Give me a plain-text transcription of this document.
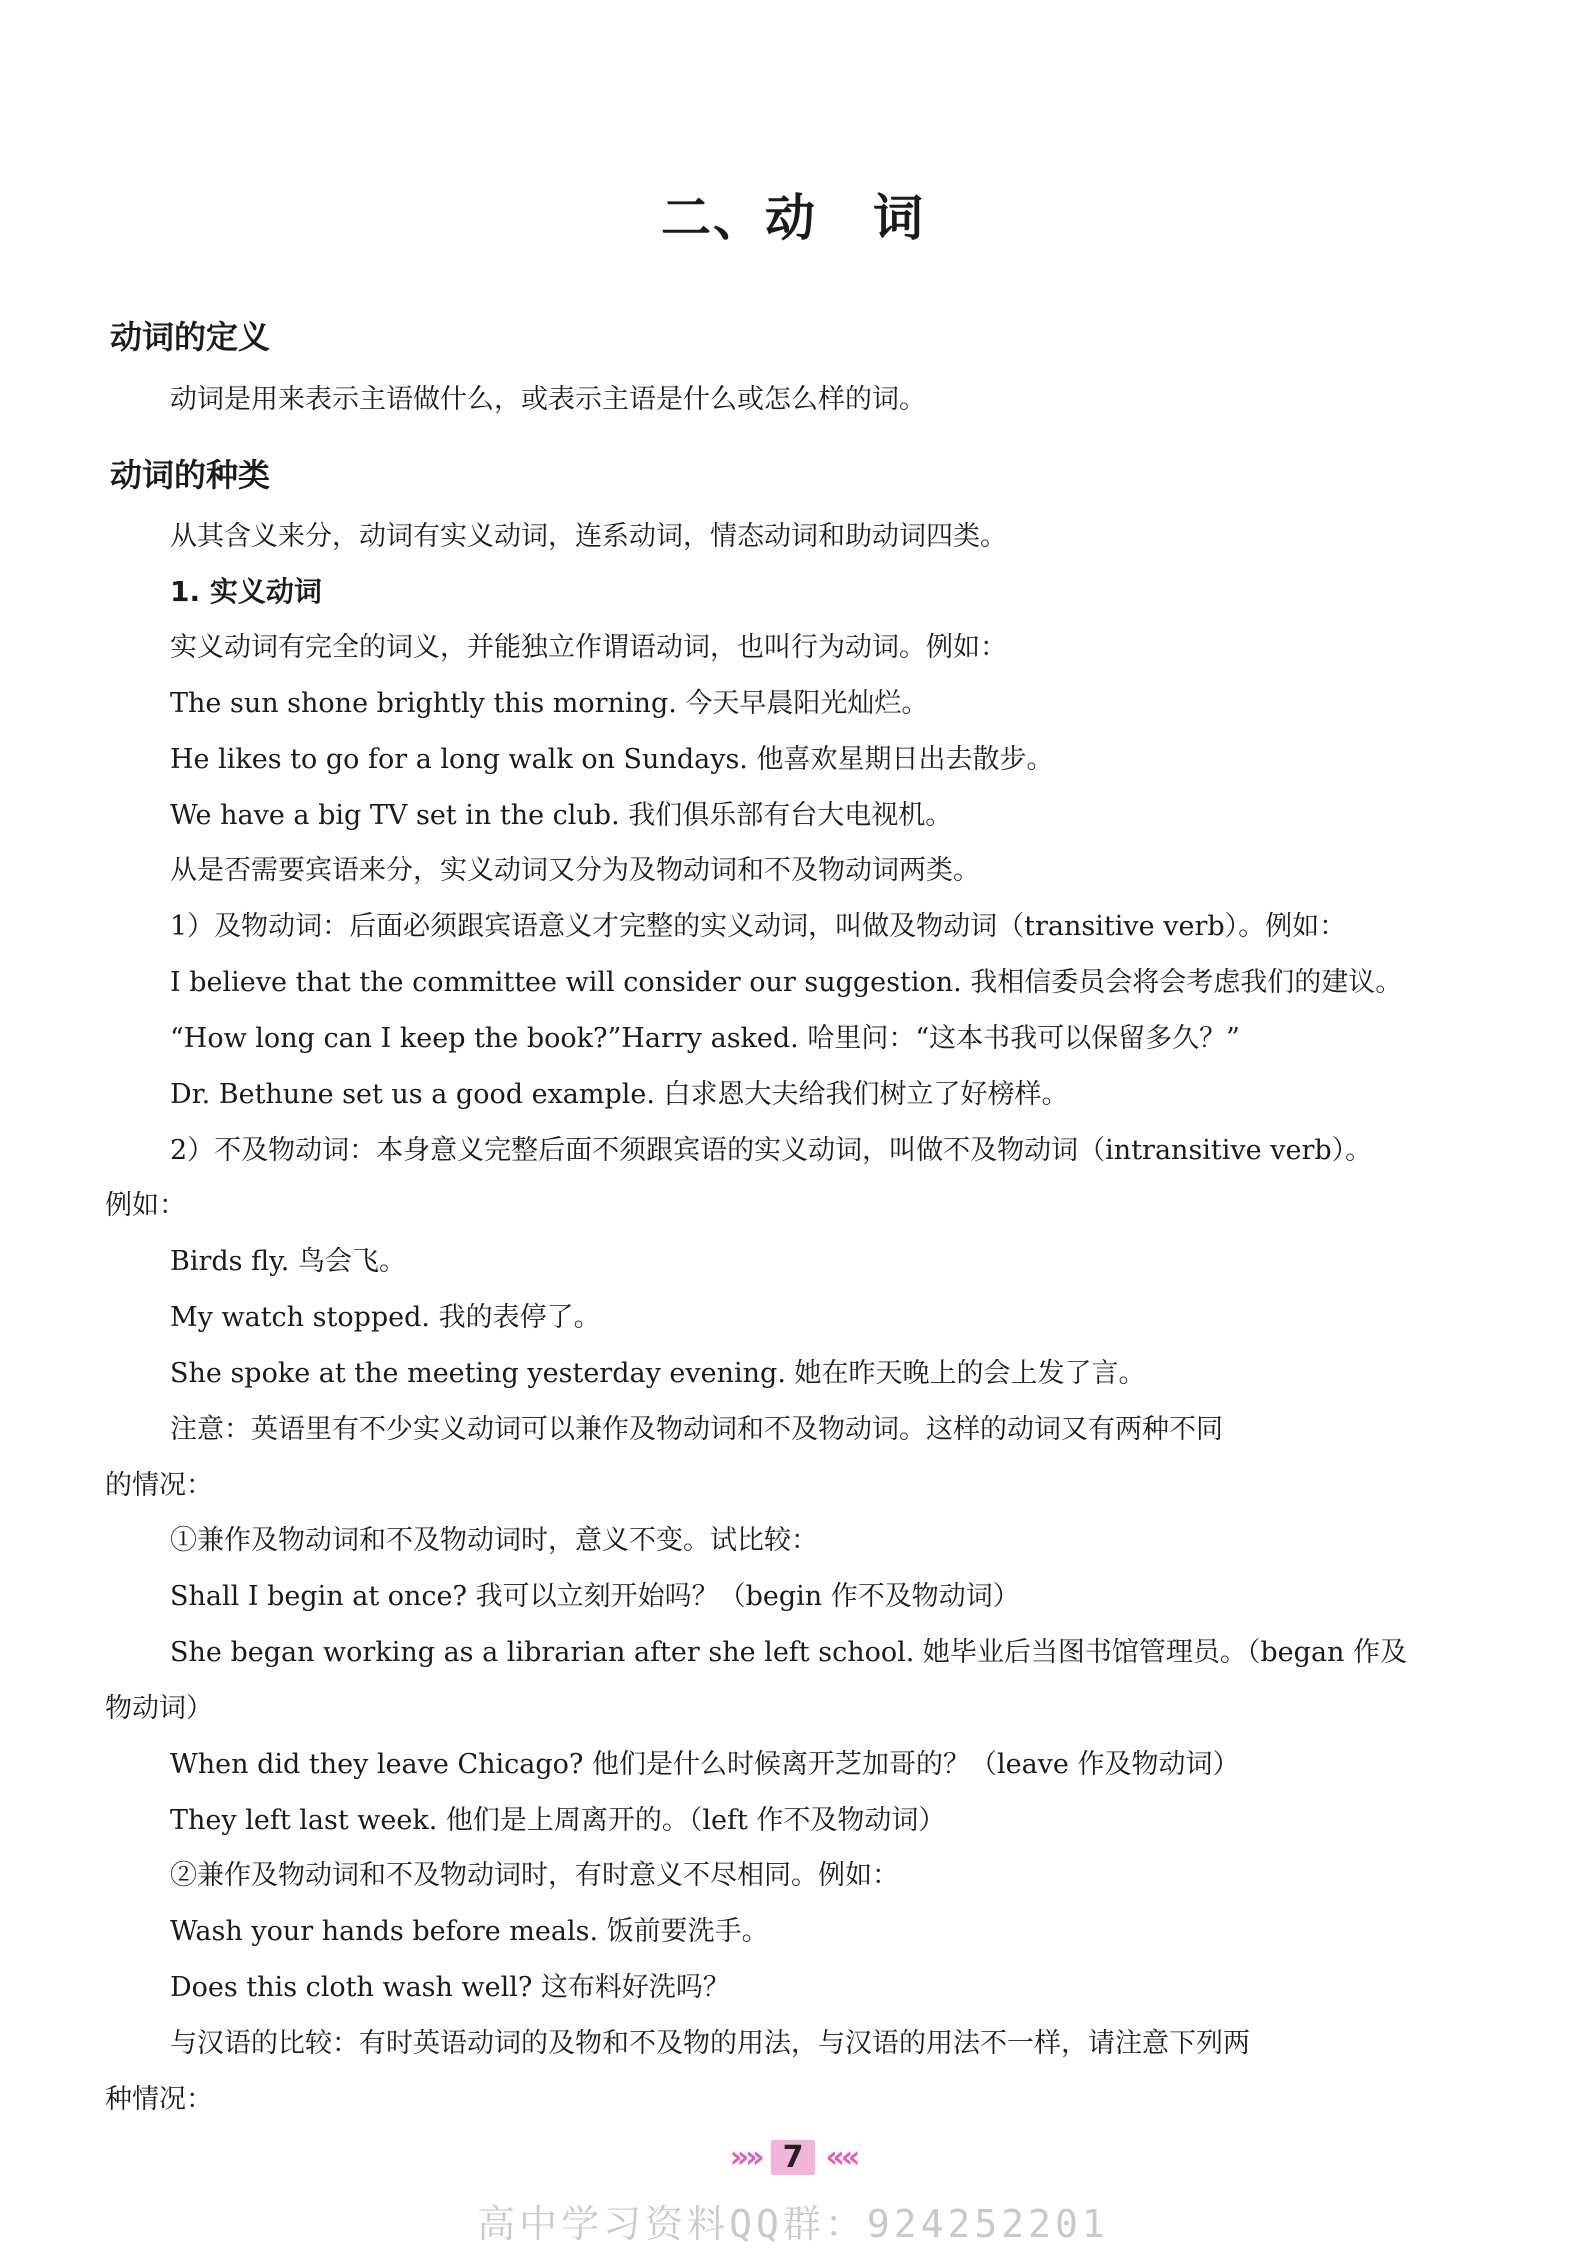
二、动 词
动词的定义
动词是用来表示主语做什么，或表示主语是什么或怎么样的词。
动词的种类
从其含义来分，动词有实义动词，连系动词，情态动词和助动词四类。
1. 实义动词
实义动词有完全的词义，并能独立作谓语动词，也叫行为动词。例如：
The sun shone brightly this morning. 今天早晨阳光灿烂。
He likes to go for a long walk on Sundays. 他喜欢星期日出去散步。
We have a big TV set in the club. 我们俱乐部有台大电视机。
从是否需要宾语来分，实义动词又分为及物动词和不及物动词两类。
1）及物动词：后面必须跟宾语意义才完整的实义动词，叫做及物动词（transitive verb）。例如：
I believe that the committee will consider our suggestion. 我相信委员会将会考虑我们的建议。
“How long can I keep the book?”Harry asked. 哈里问：“这本书我可以保留多久？”
Dr. Bethune set us a good example. 白求恩大夫给我们树立了好榜样。
2）不及物动词：本身意义完整后面不须跟宾语的实义动词，叫做不及物动词（intransitive verb）。
例如：
Birds fly. 鸟会飞。
My watch stopped. 我的表停了。
She spoke at the meeting yesterday evening. 她在昨天晚上的会上发了言。
注意：英语里有不少实义动词可以兼作及物动词和不及物动词。这样的动词又有两种不同
的情况：
①兼作及物动词和不及物动词时，意义不变。试比较：
Shall I begin at once? 我可以立刻开始吗？（begin 作不及物动词）
She began working as a librarian after she left school. 她毕业后当图书馆管理员。（began 作及
物动词）
When did they leave Chicago? 他们是什么时候离开芝加哥的？（leave 作及物动词）
They left last week. 他们是上周离开的。（left 作不及物动词）
②兼作及物动词和不及物动词时，有时意义不尽相同。例如：
Wash your hands before meals. 饭前要洗手。
Does this cloth wash well? 这布料好洗吗？
与汉语的比较：有时英语动词的及物和不及物的用法，与汉语的用法不一样，请注意下列两
种情况：
»» 7 ««
高中学习资料QQ群：924252201
